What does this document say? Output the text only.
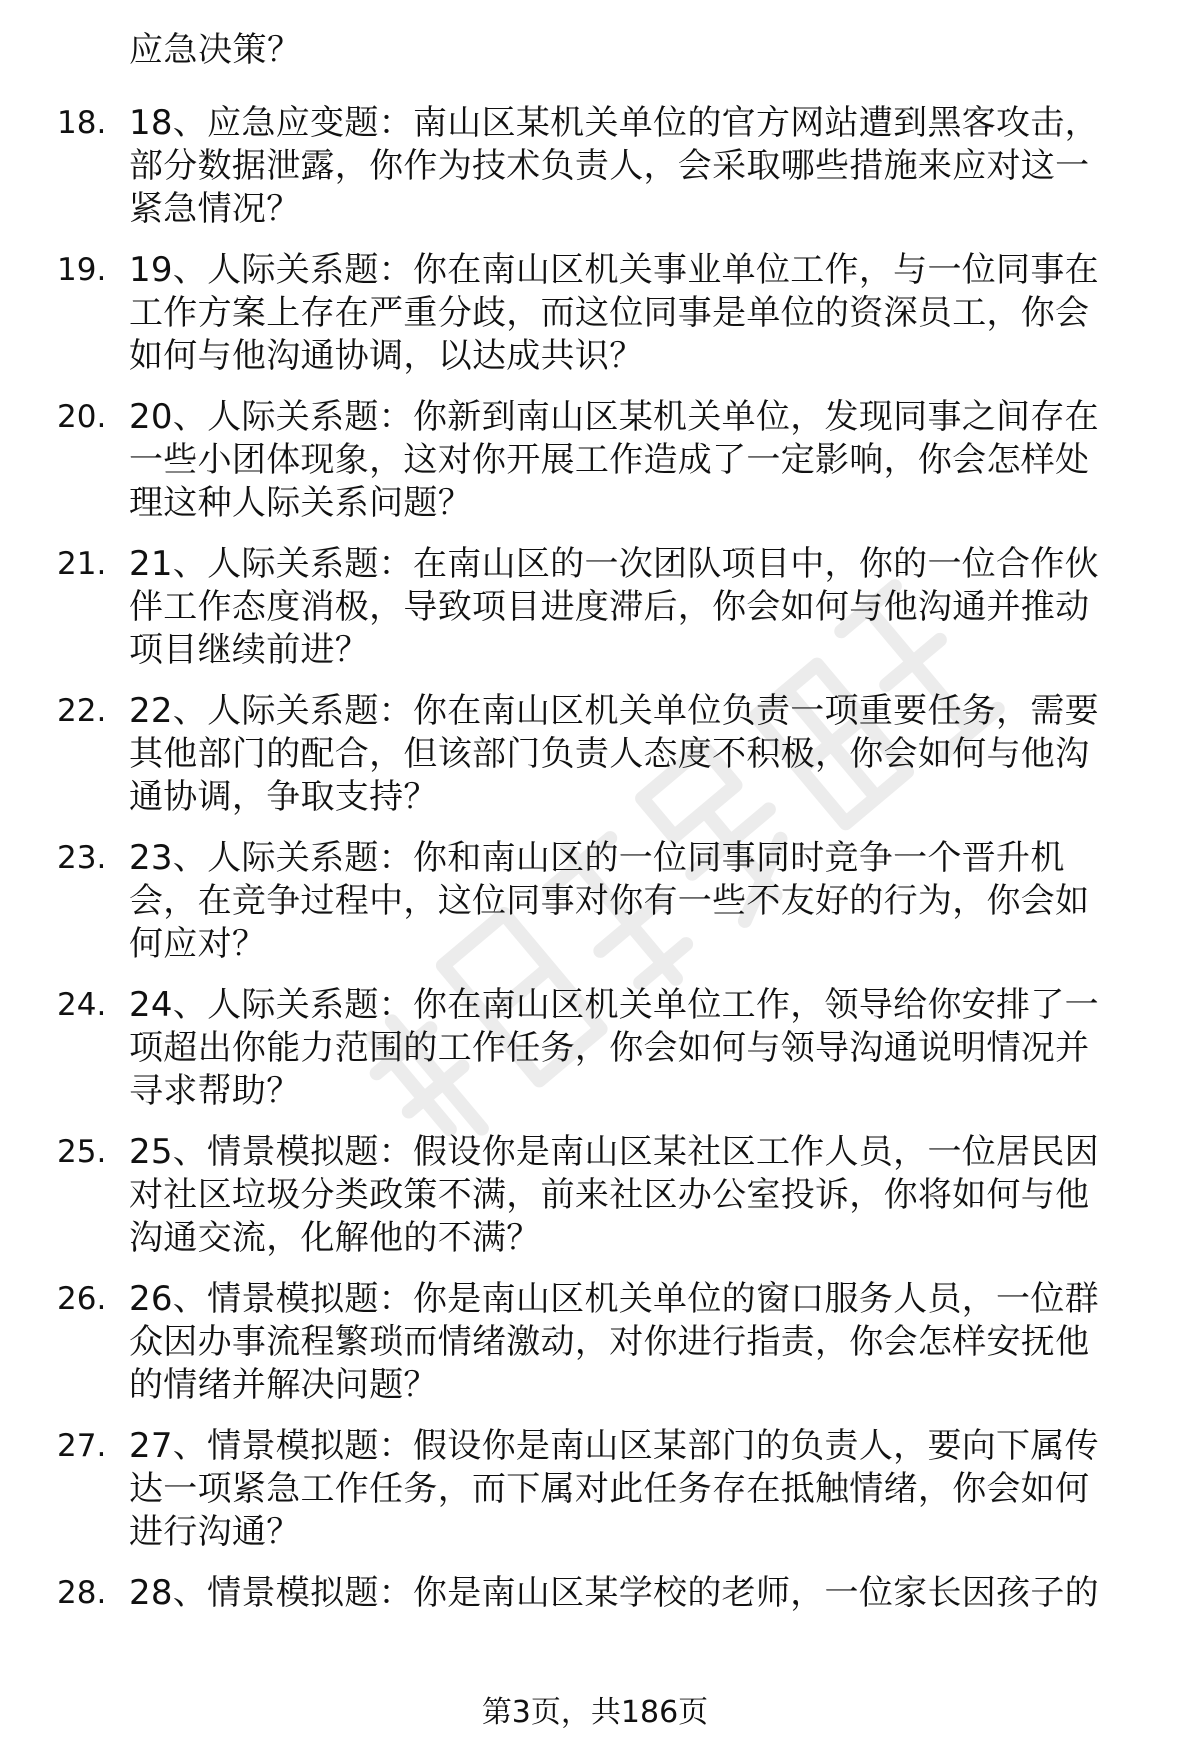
应急决策？
18. 18、应急应变题：南山区某机关单位的官方网站遭到黑客攻击，
部分数据泄露，你作为技术负责人，会采取哪些措施来应对这一
紧急情况？
19. 19、人际关系题：你在南山区机关事业单位工作，与一位同事在
工作方案上存在严重分歧，而这位同事是单位的资深员工，你会
如何与他沟通协调，以达成共识？
20. 20、人际关系题：你新到南山区某机关单位，发现同事之间存在
一些小团体现象，这对你开展工作造成了一定影响，你会怎样处
理这种人际关系问题？
21. 21、人际关系题：在南山区的一次团队项目中，你的一位合作伙
伴工作态度消极，导致项目进度滞后，你会如何与他沟通并推动
项目继续前进？
22. 22、人际关系题：你在南山区机关单位负责一项重要任务，需要
其他部门的配合，但该部门负责人态度不积极，你会如何与他沟
通协调，争取支持？
23. 23、人际关系题：你和南山区的一位同事同时竞争一个晋升机
会，在竞争过程中，这位同事对你有一些不友好的行为，你会如
何应对？
24. 24、人际关系题：你在南山区机关单位工作，领导给你安排了一
项超出你能力范围的工作任务，你会如何与领导沟通说明情况并
寻求帮助？
25. 25、情景模拟题：假设你是南山区某社区工作人员，一位居民因
对社区垃圾分类政策不满，前来社区办公室投诉，你将如何与他
沟通交流，化解他的不满？
26. 26、情景模拟题：你是南山区机关单位的窗口服务人员，一位群
众因办事流程繁琐而情绪激动，对你进行指责，你会怎样安抚他
的情绪并解决问题？
27. 27、情景模拟题：假设你是南山区某部门的负责人，要向下属传
达一项紧急工作任务，而下属对此任务存在抵触情绪，你会如何
进行沟通？
28. 28、情景模拟题：你是南山区某学校的老师，一位家长因孩子的
第3页，共186页
